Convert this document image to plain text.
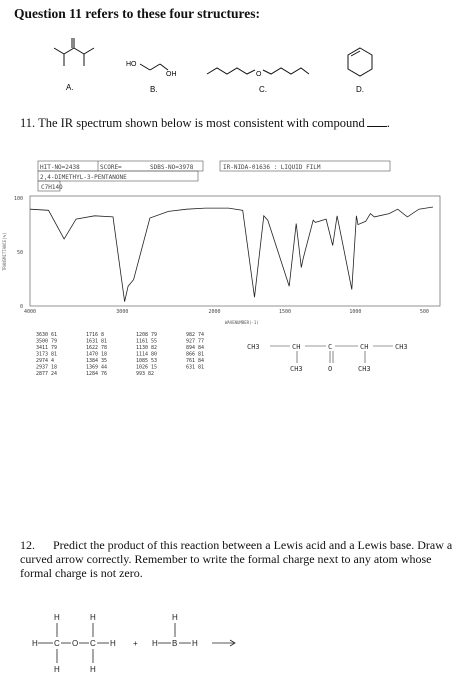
Question 11 refers to these four structures:
A.
HO
OH
B.
O
C.	D.
11. The IR spectrum shown below is most consistent with compound .
HIT-NO=2438	SCORE=	SDBS-NO=3978	IR-NIDA-01636 : LIQUID FILM
2,4-DIMETHYL-3-PENTANONE
C7H14O
100
50
0
TRANSMITTANCE(%)
4000	3000	2000	1500	1000	500
WAVENUMBER(-1)
3630 61	1716 8	1208 79	982 74
3500 79	1631 81	1161 55	927 77
3411 79	1622 78	1130 82	894 84
3173 81	1470 18	1114 80	866 81
2974 4	1384 35	1085 53	761 84
2937 18	1369 44	1026 15	631 81
2877 24	1284 76	993 82
CH3	CH	C	CH	CH3
CH3	O	CH3
12. Predict the product of this reaction between a Lewis acid and a Lewis base. Draw a curved arrow correctly. Remember to write the formal charge next to any atom whose formal charge is not zero.
H	H
H C O C H
H	H
+
H
H B H
